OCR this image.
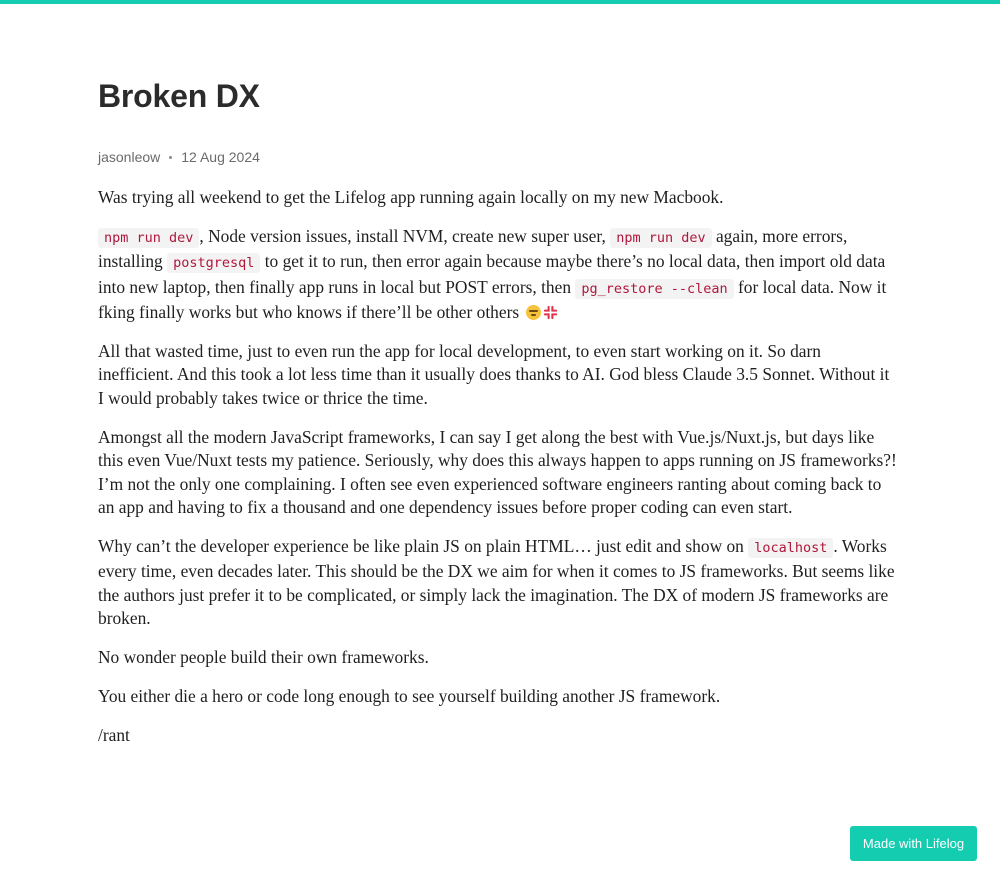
Broken DX
jasonleow 12 Aug 2024

Was trying all weekend to get the Lifelog app running again locally on my new Macbook.

npm run dev , Node version issues, install NVM, create new super user, npm run dev again, more errors, installing postgresql to get it to run, then error again because maybe there’s no local data, then import old data into new laptop, then finally app runs in local but POST errors, then pg_restore --clean for local data. Now it fking finally works but who knows if there’ll be other others

All that wasted time, just to even run the app for local development, to even start working on it. So darn inefficient. And this took a lot less time than it usually does thanks to AI. God bless Claude 3.5 Sonnet. Without it I would probably takes twice or thrice the time.

Amongst all the modern JavaScript frameworks, I can say I get along the best with Vue.js/Nuxt.js, but days like this even Vue/Nuxt tests my patience. Seriously, why does this always happen to apps running on JS frameworks?! I’m not the only one complaining. I often see even experienced software engineers ranting about coming back to an app and having to fix a thousand and one dependency issues before proper coding can even start.

Why can’t the developer experience be like plain JS on plain HTML… just edit and show on localhost . Works every time, even decades later. This should be the DX we aim for when it comes to JS frameworks. But seems like the authors just prefer it to be complicated, or simply lack the imagination. The DX of modern JS frameworks are broken.

No wonder people build their own frameworks.

You either die a hero or code long enough to see yourself building another JS framework.

/rant

Made with Lifelog
